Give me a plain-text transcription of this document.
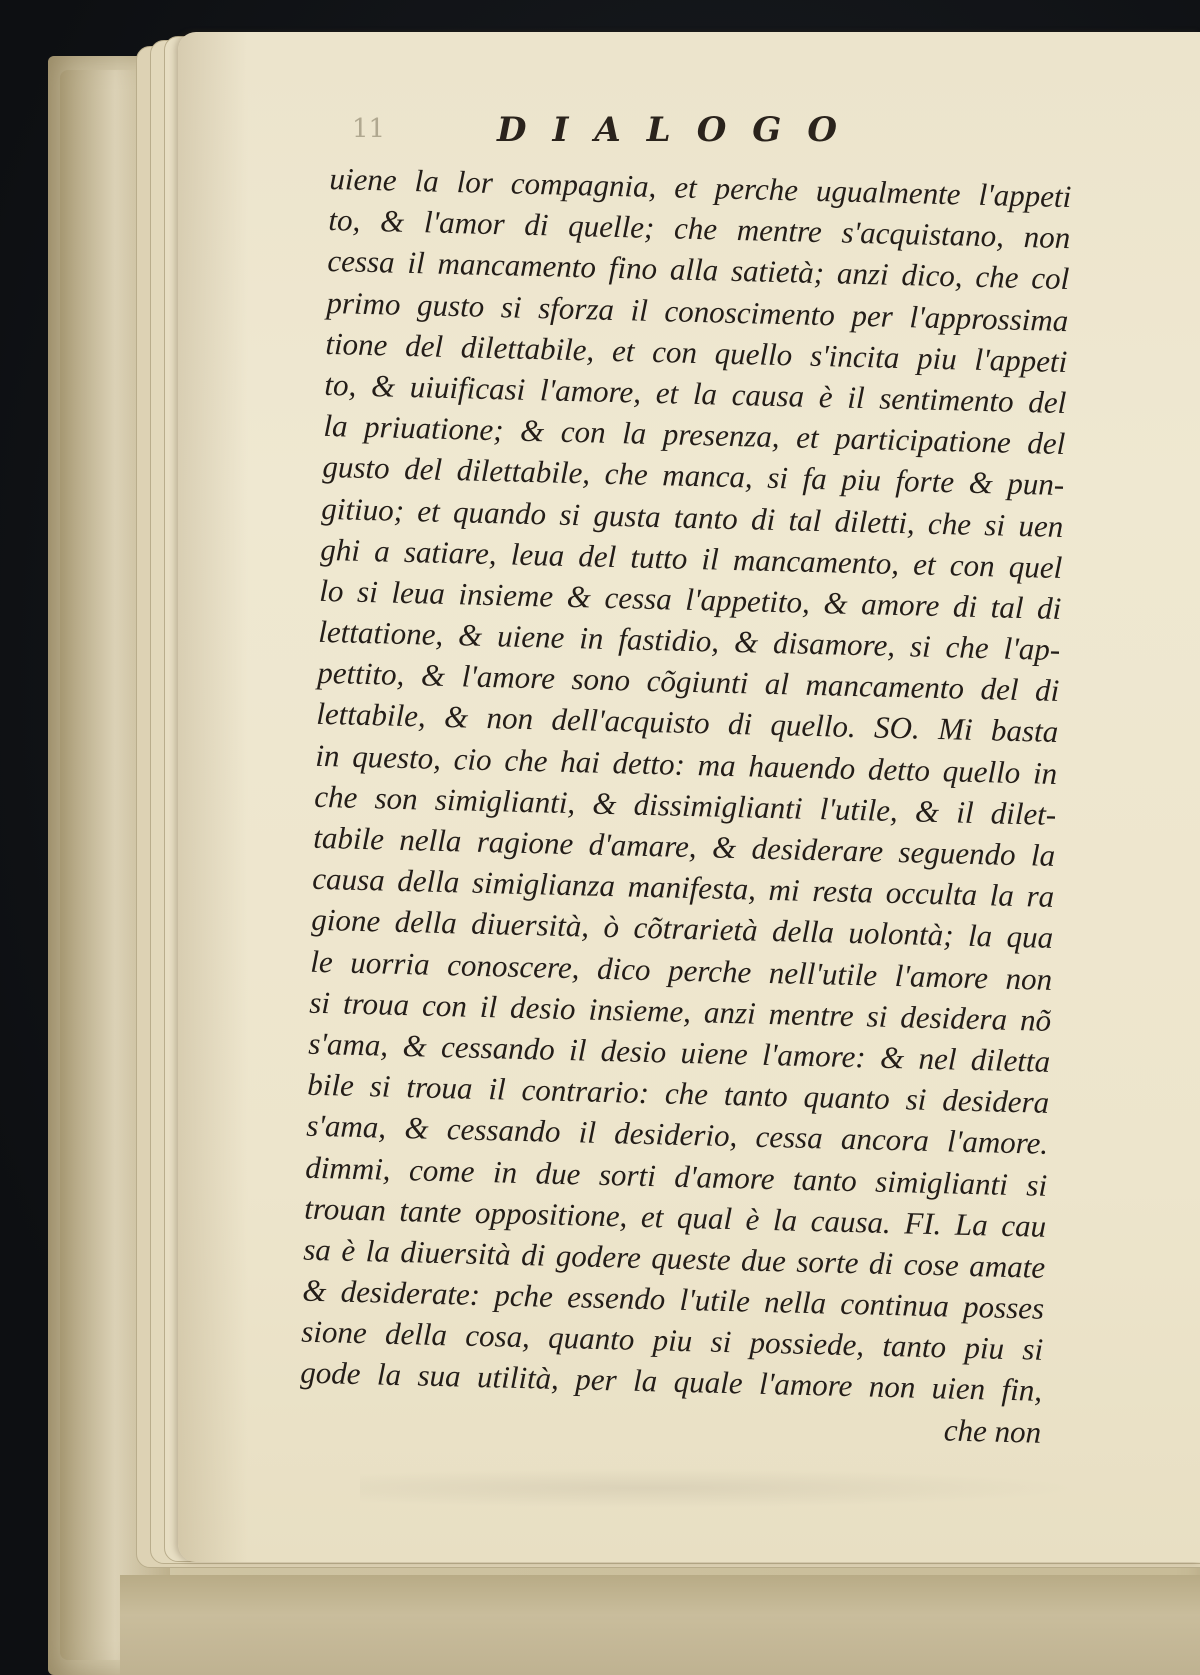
11	DIALOGO
uiene la lor compagnia, et perche ugualmente l'appeti
to, & l'amor di quelle; che mentre s'acquistano, non
cessa il mancamento fino alla satietà; anzi dico, che col
primo gusto si sforza il conoscimento per l'approssima
tione del dilettabile, et con quello s'incita piu l'appeti
to, & uiuificasi l'amore, et la causa è il sentimento del
la priuatione; & con la presenza, et participatione del
gusto del dilettabile, che manca, si fa piu forte & pun-
gitiuo; et quando si gusta tanto di tal diletti, che si uen
ghi a satiare, leua del tutto il mancamento, et con quel
lo si leua insieme & cessa l'appetito, & amore di tal di
lettatione, & uiene in fastidio, & disamore, si che l'ap-
pettito, & l'amore sono cõgiunti al mancamento del di
lettabile, & non dell'acquisto di quello. SO. Mi basta
in questo, cio che hai detto: ma hauendo detto quello in
che son simiglianti, & dissimiglianti l'utile, & il dilet-
tabile nella ragione d'amare, & desiderare seguendo la
causa della simiglianza manifesta, mi resta occulta la ra
gione della diuersità, ò cõtrarietà della uolontà; la qua
le uorria conoscere, dico perche nell'utile l'amore non
si troua con il desio insieme, anzi mentre si desidera nõ
s'ama, & cessando il desio uiene l'amore: & nel diletta
bile si troua il contrario: che tanto quanto si desidera
s'ama, & cessando il desiderio, cessa ancora l'amore.
dimmi, come in due sorti d'amore tanto simiglianti si
trouan tante oppositione, et qual è la causa. FI. La cau
sa è la diuersità di godere queste due sorte di cose amate
& desiderate: pche essendo l'utile nella continua posses
sione della cosa, quanto piu si possiede, tanto piu si
gode la sua utilità, per la quale l'amore non uien fin,
che non
